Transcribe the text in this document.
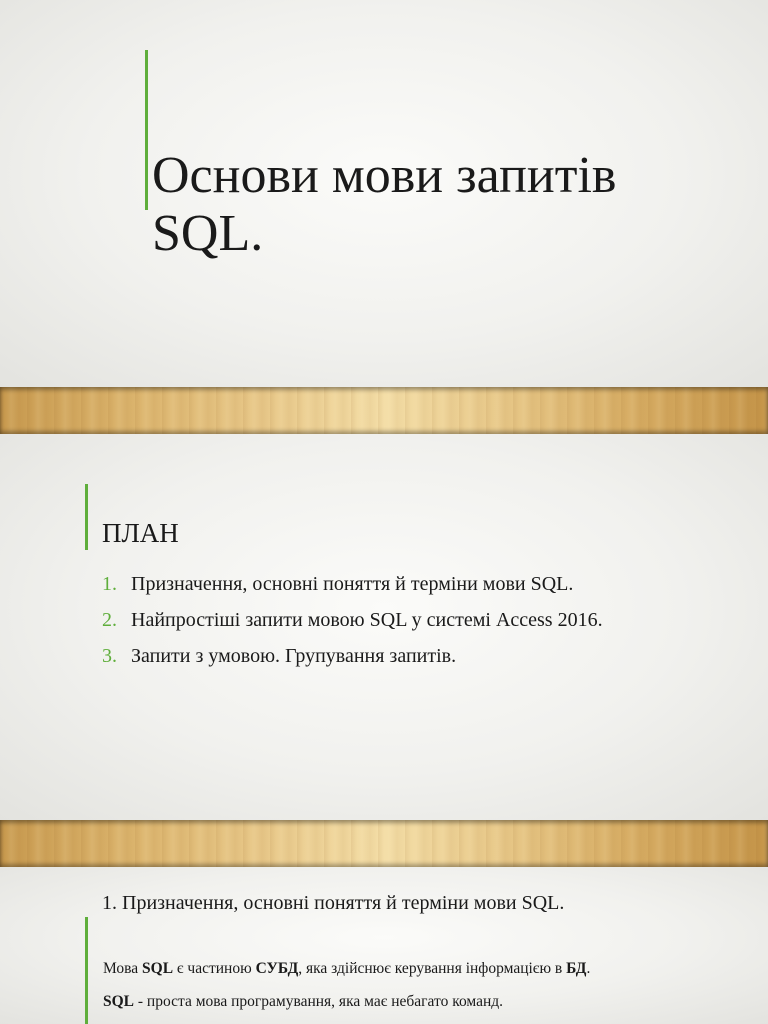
Основи мови запитів
SQL.
ПЛАН
1. Призначення, основні поняття й терміни мови SQL.
2. Найпростіші запити мовою SQL у системі Access 2016.
3. Запити з умовою. Групування запитів.
1. Призначення, основні поняття й терміни мови SQL.

Мова SQL є частиною СУБД, яка здійснює керування інформацією в БД.

SQL - проста мова програмування, яка має небагато команд.
